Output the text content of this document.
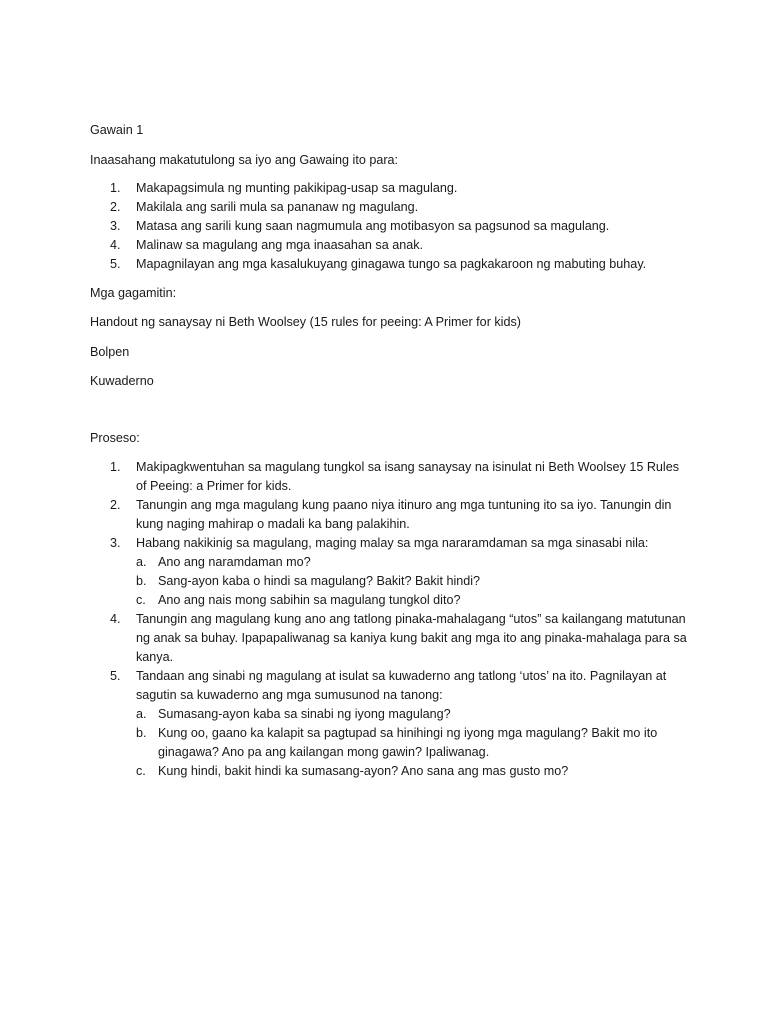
Gawain 1

Inaasahang makatutulong sa iyo ang Gawaing ito para:

1. Makapagsimula ng munting pakikipag-usap sa magulang.
2. Makilala ang sarili mula sa pananaw ng magulang.
3. Matasa ang sarili kung saan nagmumula ang motibasyon sa pagsunod sa magulang.
4. Malinaw sa magulang ang mga inaasahan sa anak.
5. Mapagnilayan ang mga kasalukuyang ginagawa tungo sa pagkakaroon ng mabuting buhay.

Mga gagamitin:

Handout ng sanaysay ni Beth Woolsey (15 rules for peeing: A Primer for kids)

Bolpen

Kuwaderno

Proseso:

1. Makipagkwentuhan sa magulang tungkol sa isang sanaysay na isinulat ni Beth Woolsey 15 Rules of Peeing: a Primer for kids.
2. Tanungin ang mga magulang kung paano niya itinuro ang mga tuntuning ito sa iyo. Tanungin din kung naging mahirap o madali ka bang palakihin.
3. Habang nakikinig sa magulang, maging malay sa mga nararamdaman sa mga sinasabi nila:
a. Ano ang naramdaman mo?
b. Sang-ayon kaba o hindi sa magulang? Bakit? Bakit hindi?
c. Ano ang nais mong sabihin sa magulang tungkol dito?
4. Tanungin ang magulang kung ano ang tatlong pinaka-mahalagang “utos” sa kailangang matutunan ng anak sa buhay. Ipapapaliwanag sa kaniya kung bakit ang mga ito ang pinaka-mahalaga para sa kanya.
5. Tandaan ang sinabi ng magulang at isulat sa kuwaderno ang tatlong ‘utos’ na ito. Pagnilayan at sagutin sa kuwaderno ang mga sumusunod na tanong:
a. Sumasang-ayon kaba sa sinabi ng iyong magulang?
b. Kung oo, gaano ka kalapit sa pagtupad sa hinihingi ng iyong mga magulang? Bakit mo ito ginagawa? Ano pa ang kailangan mong gawin? Ipaliwanag.
c. Kung hindi, bakit hindi ka sumasang-ayon? Ano sana ang mas gusto mo?
